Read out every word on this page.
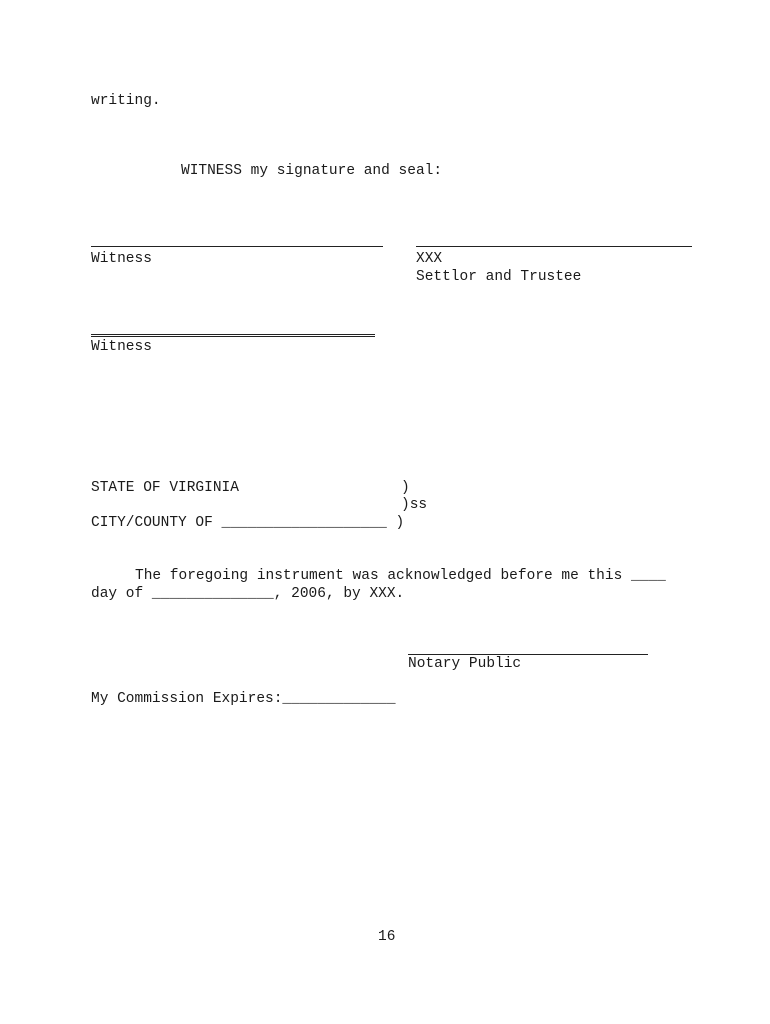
writing.
WITNESS my signature and seal:
Witness	XXX
Settlor and Trustee
Witness
STATE OF VIRGINIA	)
)ss
CITY/COUNTY OF ___________________ )
The foregoing instrument was acknowledged before me this ____
day of ______________, 2006, by XXX.
Notary Public
My Commission Expires:_____________
16
